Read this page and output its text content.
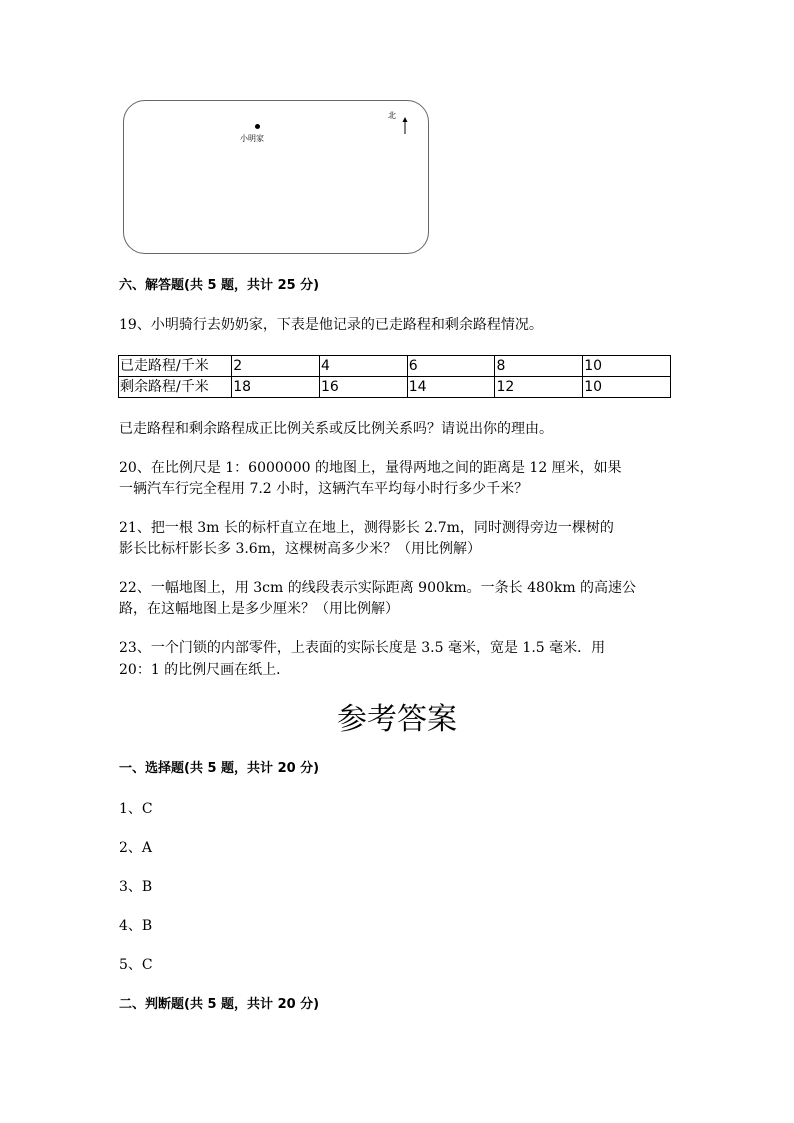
小明家
北
六、解答题(共 5 题，共计 25 分)
19、小明骑行去奶奶家，下表是他记录的已走路程和剩余路程情况。
已走路程/千米	2	4	6	8	10
剩余路程/千米	18	16	14	12	10
已走路程和剩余路程成正比例关系或反比例关系吗？请说出你的理由。
20、在比例尺是 1：6000000 的地图上，量得两地之间的距离是 12 厘米，如果
一辆汽车行完全程用 7.2 小时，这辆汽车平均每小时行多少千米？
21、把一根 3m 长的标杆直立在地上，测得影长 2.7m，同时测得旁边一棵树的
影长比标杆影长多 3.6m，这棵树高多少米？（用比例解）
22、一幅地图上，用 3cm 的线段表示实际距离 900km。一条长 480km 的高速公
路，在这幅地图上是多少厘米？（用比例解）
23、一个门锁的内部零件，上表面的实际长度是 3.5 毫米，宽是 1.5 毫米．用
20：1 的比例尺画在纸上．
参考答案
一、选择题(共 5 题，共计 20 分)
1、C
2、A
3、B
4、B
5、C
二、判断题(共 5 题，共计 20 分)
